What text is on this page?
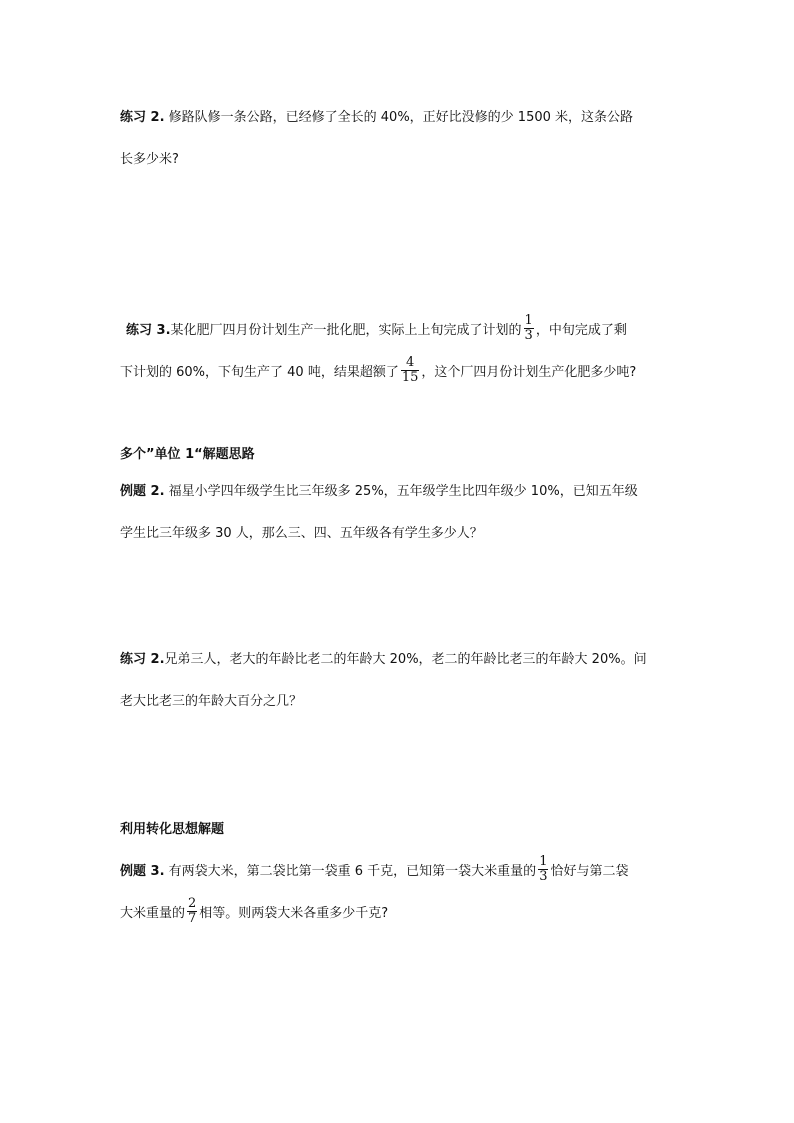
练习 2. 修路队修一条公路，已经修了全长的 40%，正好比没修的少 1500 米，这条公路
长多少米?
练习 3.某化肥厂四月份计划生产一批化肥，实际上上旬完成了计划的 $\frac{1}{3}$ ，中旬完成了剩
下计划的 60%，下旬生产了 40 吨，结果超额了 $\frac{4}{15}$ ，这个厂四月份计划生产化肥多少吨?
多个”单位 1“解题思路
例题 2. 福星小学四年级学生比三年级多 25%，五年级学生比四年级少 10%，已知五年级
学生比三年级多 30 人，那么三、四、五年级各有学生多少人？
练习 2.兄弟三人，老大的年龄比老二的年龄大 20%，老二的年龄比老三的年龄大 20%。问
老大比老三的年龄大百分之几？
利用转化思想解题
例题 3. 有两袋大米，第二袋比第一袋重 6 千克，已知第一袋大米重量的 $\frac{1}{3}$ 恰好与第二袋
大米重量的 $\frac{2}{7}$ 相等。则两袋大米各重多少千克?
